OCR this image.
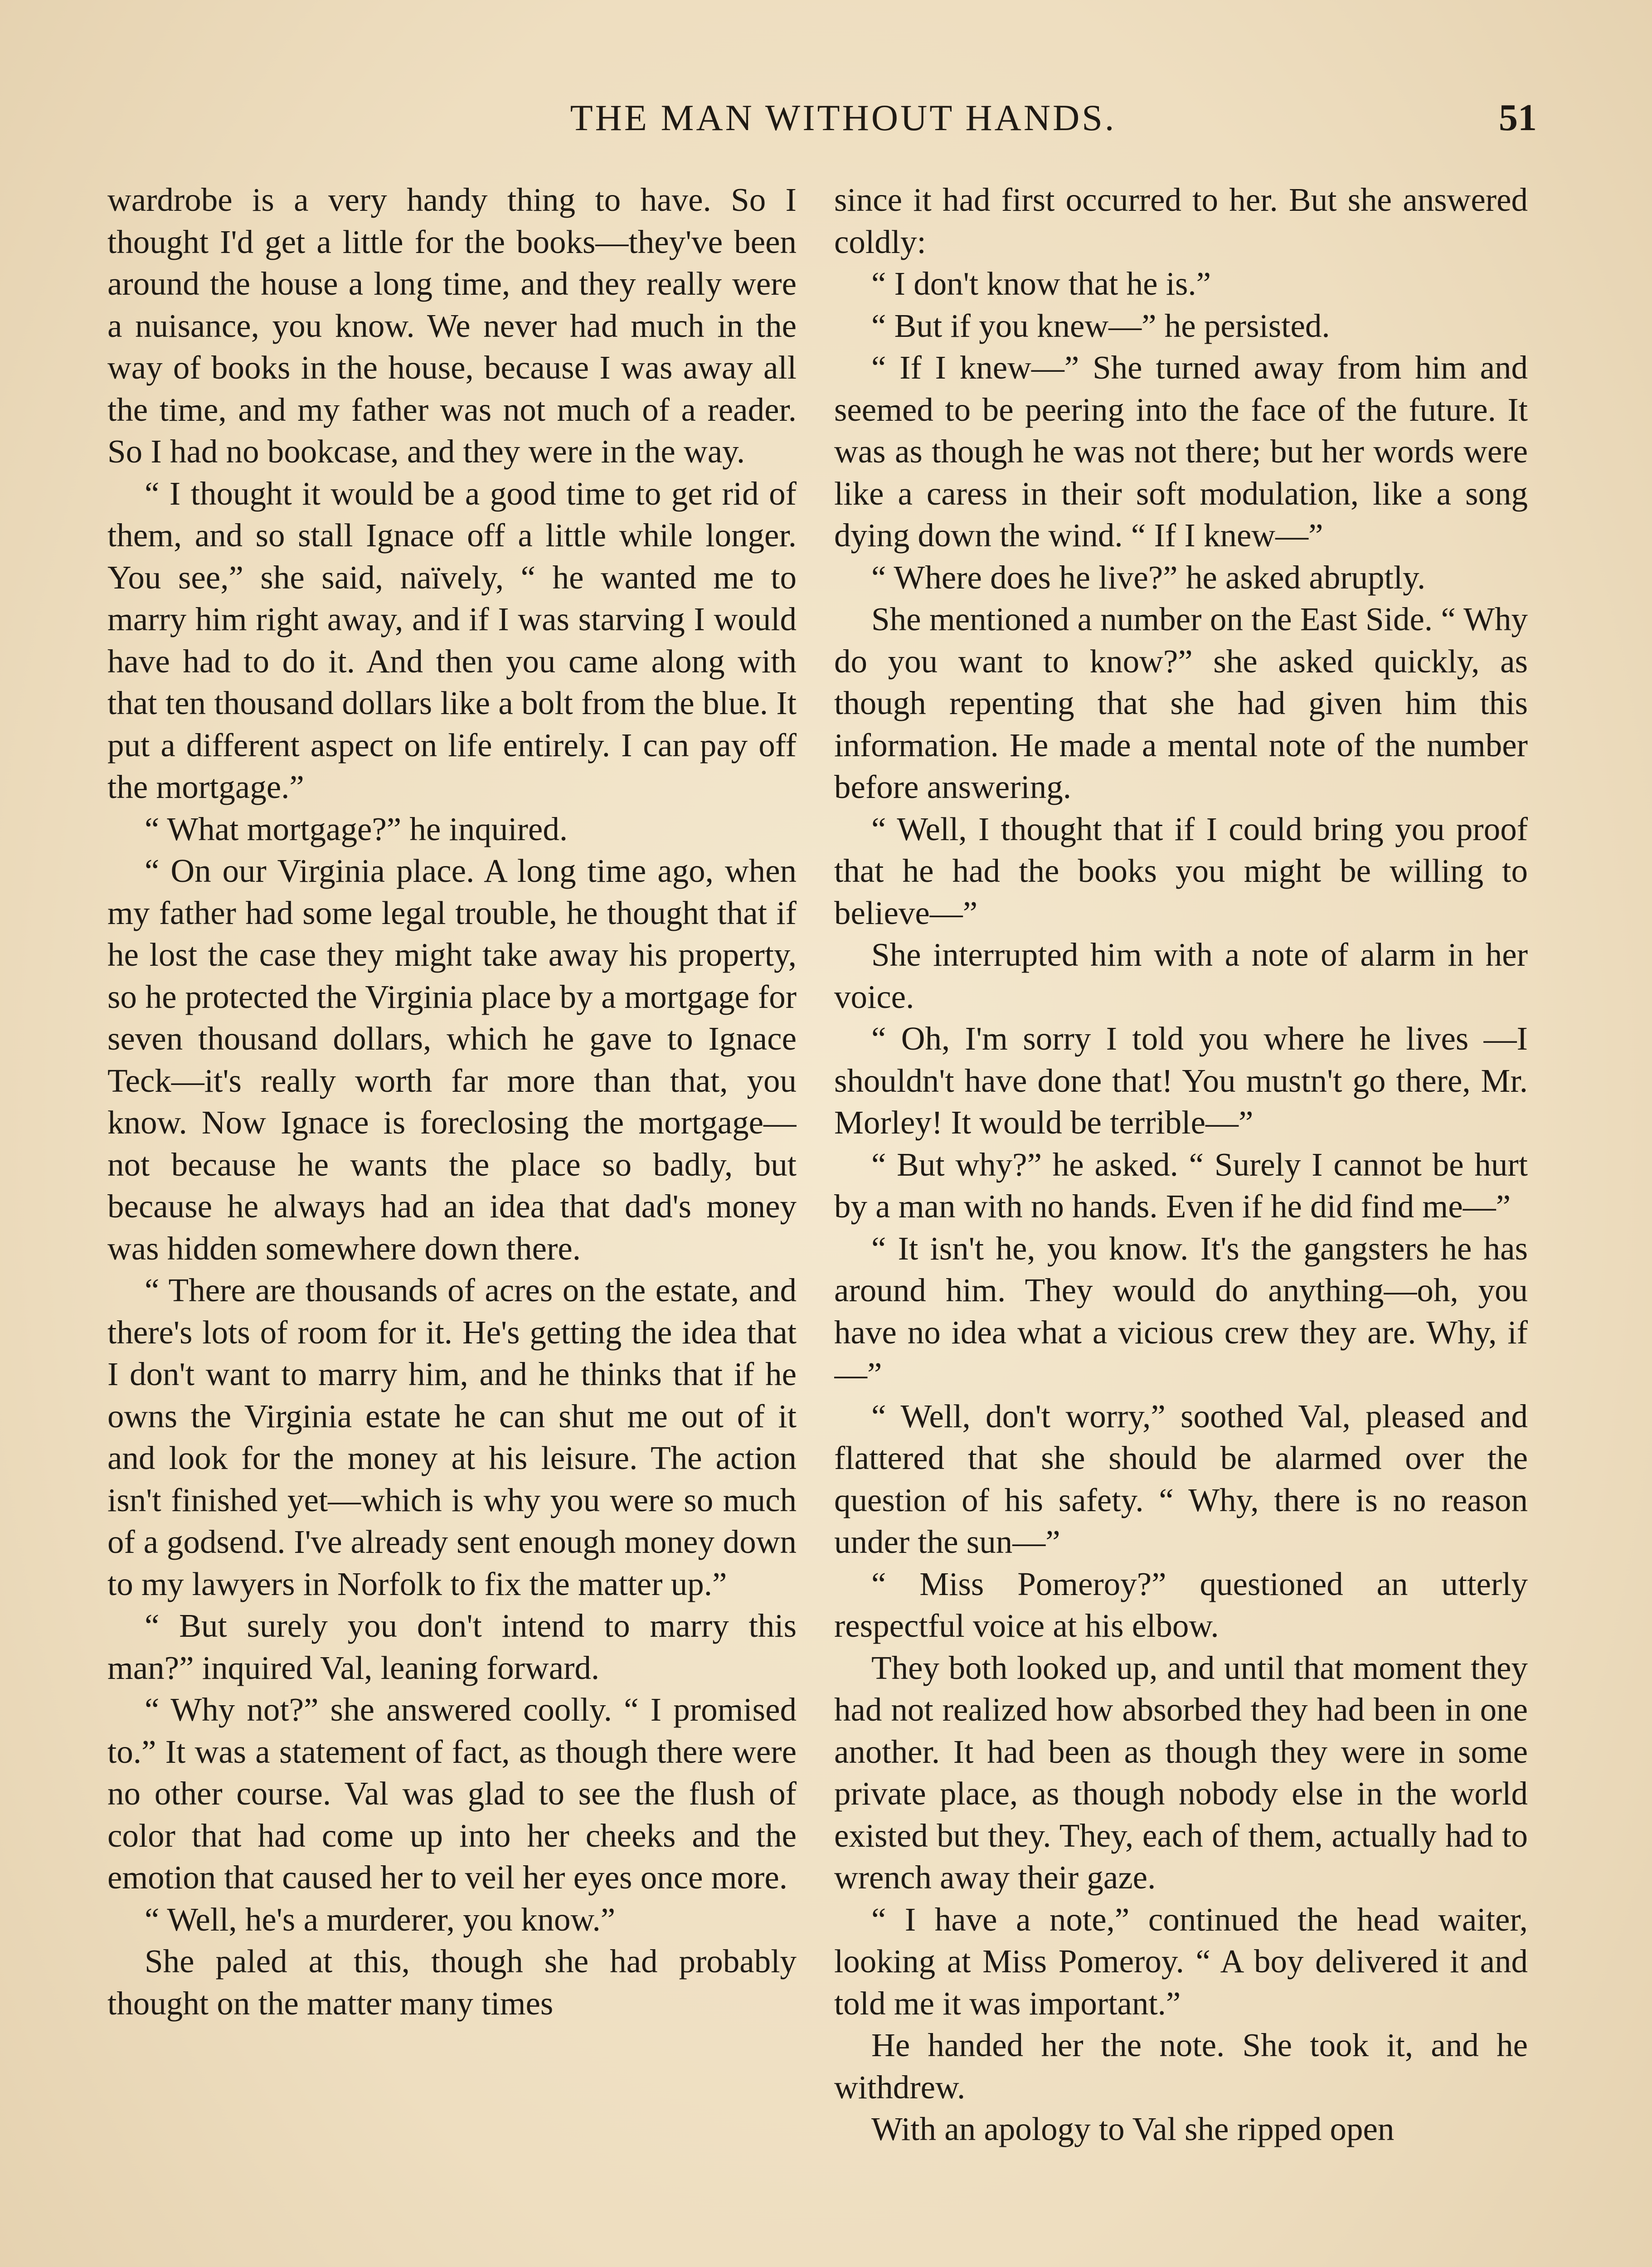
THE MAN WITHOUT HANDS.	51

wardrobe is a very handy thing to have. So I thought I'd get a little for the books—they've been around the house a long time, and they really were a nuisance, you know. We never had much in the way of books in the house, because I was away all the time, and my father was not much of a reader. So I had no bookcase, and they were in the way.

“ I thought it would be a good time to get rid of them, and so stall Ignace off a little while longer. You see,” she said, naïvely, “ he wanted me to marry him right away, and if I was starving I would have had to do it. And then you came along with that ten thousand dollars like a bolt from the blue. It put a different aspect on life entirely. I can pay off the mortgage.”

“ What mortgage?” he inquired.

“ On our Virginia place. A long time ago, when my father had some legal trouble, he thought that if he lost the case they might take away his property, so he protected the Virginia place by a mortgage for seven thousand dollars, which he gave to Ignace Teck—it's really worth far more than that, you know. Now Ignace is foreclosing the mortgage—not because he wants the place so badly, but because he always had an idea that dad's money was hidden somewhere down there.

“ There are thousands of acres on the estate, and there's lots of room for it. He's getting the idea that I don't want to marry him, and he thinks that if he owns the Virginia estate he can shut me out of it and look for the money at his leisure. The action isn't finished yet—which is why you were so much of a godsend. I've already sent enough money down to my lawyers in Norfolk to fix the matter up.”

“ But surely you don't intend to marry this man?” inquired Val, leaning forward.

“ Why not?” she answered coolly. “ I promised to.” It was a statement of fact, as though there were no other course. Val was glad to see the flush of color that had come up into her cheeks and the emotion that caused her to veil her eyes once more.

“ Well, he's a murderer, you know.”

She paled at this, though she had probably thought on the matter many times

since it had first occurred to her. But she answered coldly:

“ I don't know that he is.”

“ But if you knew—” he persisted.

“ If I knew—” She turned away from him and seemed to be peering into the face of the future. It was as though he was not there; but her words were like a caress in their soft modulation, like a song dying down the wind. “ If I knew—”

“ Where does he live?” he asked abruptly.

She mentioned a number on the East Side. “ Why do you want to know?” she asked quickly, as though repenting that she had given him this information. He made a mental note of the number before answering.

“ Well, I thought that if I could bring you proof that he had the books you might be willing to believe—”

She interrupted him with a note of alarm in her voice.

“ Oh, I'm sorry I told you where he lives —I shouldn't have done that! You mustn't go there, Mr. Morley! It would be terrible—”

“ But why?” he asked. “ Surely I cannot be hurt by a man with no hands. Even if he did find me—”

“ It isn't he, you know. It's the gangsters he has around him. They would do anything—oh, you have no idea what a vicious crew they are. Why, if—”

“ Well, don't worry,” soothed Val, pleased and flattered that she should be alarmed over the question of his safety. “ Why, there is no reason under the sun—”

“ Miss Pomeroy?” questioned an utterly respectful voice at his elbow.

They both looked up, and until that moment they had not realized how absorbed they had been in one another. It had been as though they were in some private place, as though nobody else in the world existed but they. They, each of them, actually had to wrench away their gaze.

“ I have a note,” continued the head waiter, looking at Miss Pomeroy. “ A boy delivered it and told me it was important.”

He handed her the note. She took it, and he withdrew.

With an apology to Val she ripped open
